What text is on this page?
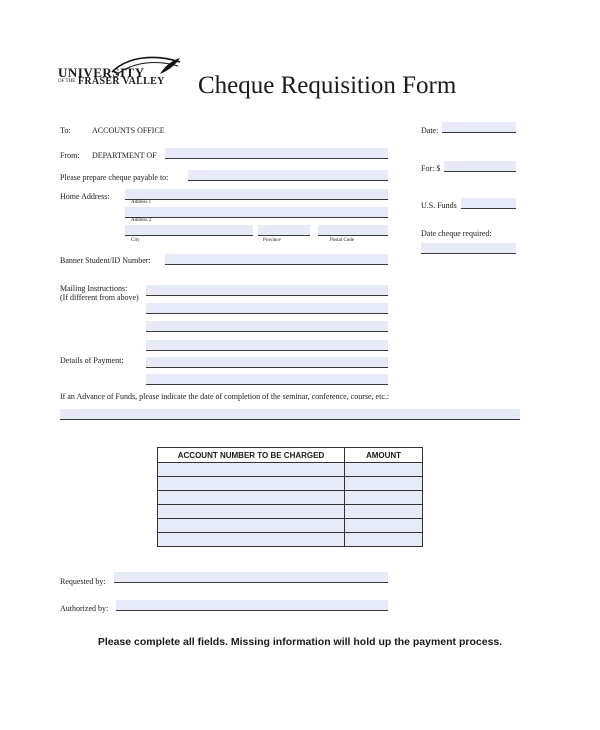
UNIVERSITY
OF THE FRASER VALLEY Cheque Requisition Form
To:	ACCOUNTS OFFICE
From: DEPARTMENT OF
Please prepare cheque payable to:
Home Address:
Address 1
Address 2
City	Province	Postal Code
Banner Student/ID Number:
Mailing Instructions:
(If different from above)
Details of Payment:
If an Advance of Funds, please indicate the date of completion of the seminar, conference, course, etc.:
Date:
For: $
U.S. Funds
Date cheque required:
ACCOUNT NUMBER TO BE CHARGED	AMOUNT

Requested by:
Authorized by:
Please complete all fields. Missing information will hold up the payment process.
